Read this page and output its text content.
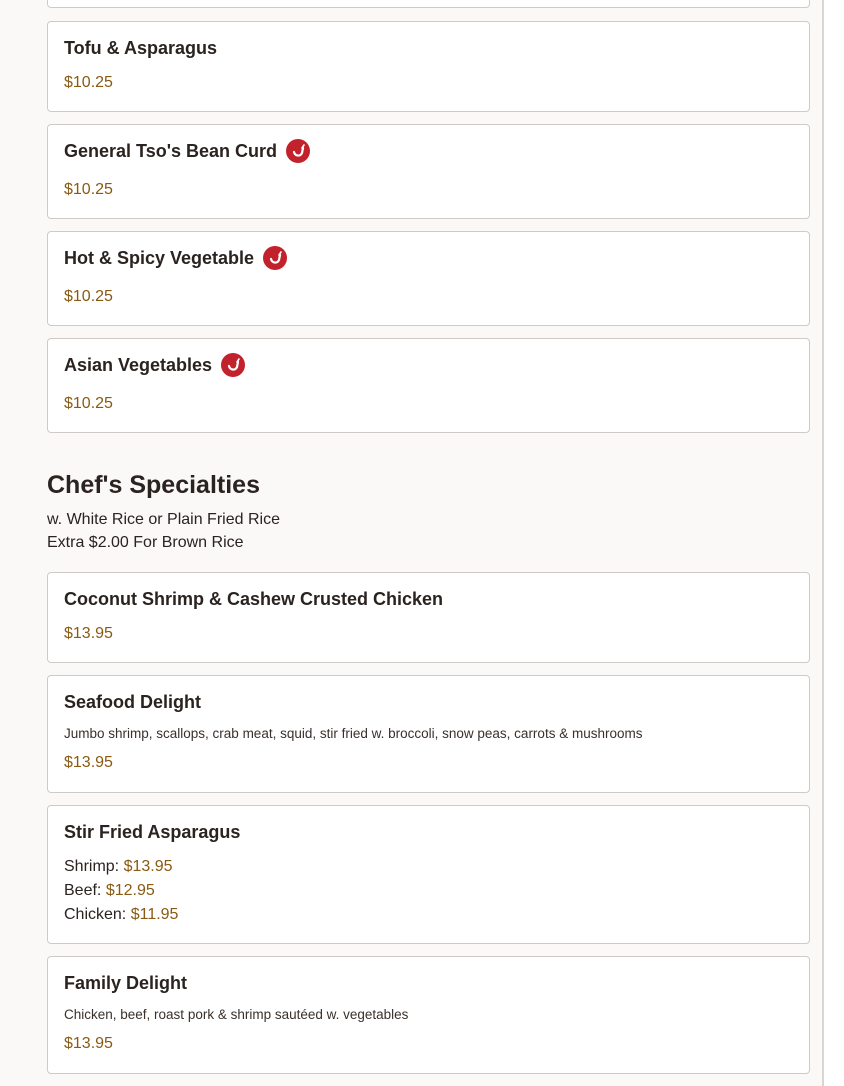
Tofu & Asparagus
$10.25
General Tso's Bean Curd
$10.25
Hot & Spicy Vegetable
$10.25
Asian Vegetables
$10.25
Chef's Specialties
w. White Rice or Plain Fried Rice
Extra $2.00 For Brown Rice
Coconut Shrimp & Cashew Crusted Chicken
$13.95
Seafood Delight
Jumbo shrimp, scallops, crab meat, squid, stir fried w. broccoli, snow peas, carrots & mushrooms
$13.95
Stir Fried Asparagus
Shrimp: $13.95
Beef: $12.95
Chicken: $11.95
Family Delight
Chicken, beef, roast pork & shrimp sautéed w. vegetables
$13.95
